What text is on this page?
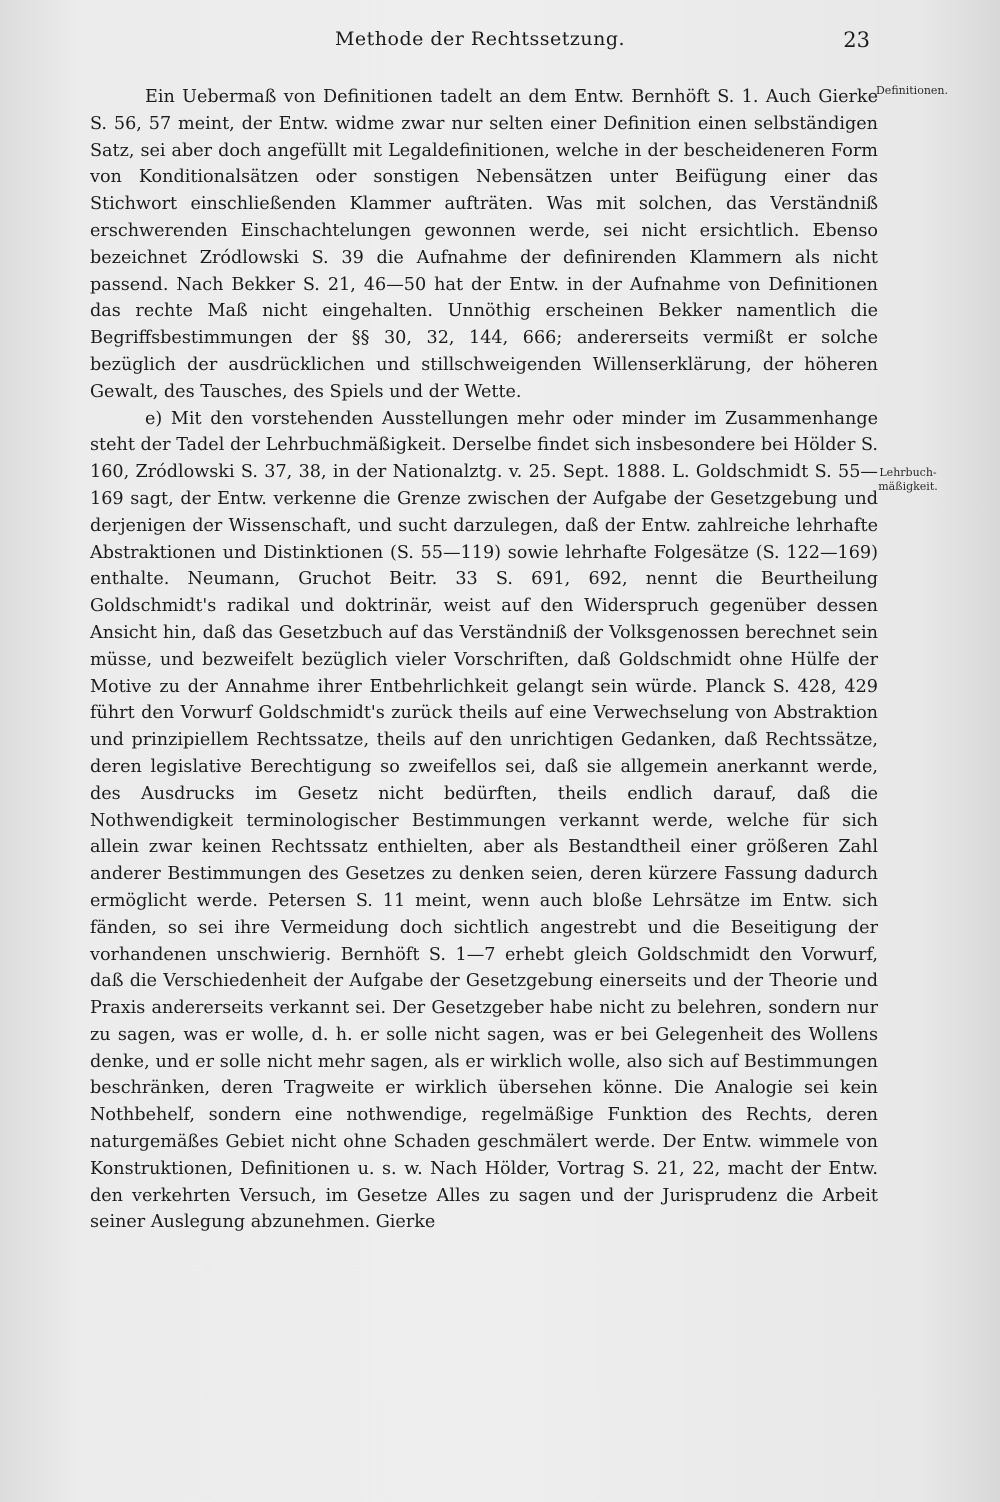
Methode der Rechtssetzung.	23
Definitionen.
Lehrbuch-mäßigkeit.

Ein Uebermaß von Definitionen tadelt an dem Entw. Bernhöft S. 1. Auch Gierke S. 56, 57 meint, der Entw. widme zwar nur selten einer Definition einen selbständigen Satz, sei aber doch angefüllt mit Legaldefinitionen, welche in der bescheideneren Form von Konditionalsätzen oder sonstigen Nebensätzen unter Beifügung einer das Stichwort einschließenden Klammer aufträten. Was mit solchen, das Verständniß erschwerenden Einschachtelungen gewonnen werde, sei nicht ersichtlich. Ebenso bezeichnet Zródlowski S. 39 die Aufnahme der definirenden Klammern als nicht passend. Nach Bekker S. 21, 46—50 hat der Entw. in der Aufnahme von Definitionen das rechte Maß nicht eingehalten. Unnöthig erscheinen Bekker namentlich die Begriffsbestimmungen der §§ 30, 32, 144, 666; andererseits vermißt er solche bezüglich der ausdrücklichen und stillschweigenden Willenserklärung, der höheren Gewalt, des Tausches, des Spiels und der Wette.

e) Mit den vorstehenden Ausstellungen mehr oder minder im Zusammenhange steht der Tadel der Lehrbuchmäßigkeit. Derselbe findet sich insbesondere bei Hölder S. 160, Zródlowski S. 37, 38, in der Nationalztg. v. 25. Sept. 1888. L. Goldschmidt S. 55—169 sagt, der Entw. verkenne die Grenze zwischen der Aufgabe der Gesetzgebung und derjenigen der Wissenschaft, und sucht darzulegen, daß der Entw. zahlreiche lehrhafte Abstraktionen und Distinktionen (S. 55—119) sowie lehrhafte Folgesätze (S. 122—169) enthalte. Neumann, Gruchot Beitr. 33 S. 691, 692, nennt die Beurtheilung Goldschmidt's radikal und doktrinär, weist auf den Widerspruch gegenüber dessen Ansicht hin, daß das Gesetzbuch auf das Verständniß der Volksgenossen berechnet sein müsse, und bezweifelt bezüglich vieler Vorschriften, daß Goldschmidt ohne Hülfe der Motive zu der Annahme ihrer Entbehrlichkeit gelangt sein würde. Planck S. 428, 429 führt den Vorwurf Goldschmidt's zurück theils auf eine Verwechselung von Abstraktion und prinzipiellem Rechtssatze, theils auf den unrichtigen Gedanken, daß Rechtssätze, deren legislative Berechtigung so zweifellos sei, daß sie allgemein anerkannt werde, des Ausdrucks im Gesetz nicht bedürften, theils endlich darauf, daß die Nothwendigkeit terminologischer Bestimmungen verkannt werde, welche für sich allein zwar keinen Rechtssatz enthielten, aber als Bestandtheil einer größeren Zahl anderer Bestimmungen des Gesetzes zu denken seien, deren kürzere Fassung dadurch ermöglicht werde. Petersen S. 11 meint, wenn auch bloße Lehrsätze im Entw. sich fänden, so sei ihre Vermeidung doch sichtlich angestrebt und die Beseitigung der vorhandenen unschwierig. Bernhöft S. 1—7 erhebt gleich Goldschmidt den Vorwurf, daß die Verschiedenheit der Aufgabe der Gesetzgebung einerseits und der Theorie und Praxis andererseits verkannt sei. Der Gesetzgeber habe nicht zu belehren, sondern nur zu sagen, was er wolle, d. h. er solle nicht sagen, was er bei Gelegenheit des Wollens denke, und er solle nicht mehr sagen, als er wirklich wolle, also sich auf Bestimmungen beschränken, deren Tragweite er wirklich übersehen könne. Die Analogie sei kein Nothbehelf, sondern eine nothwendige, regelmäßige Funktion des Rechts, deren naturgemäßes Gebiet nicht ohne Schaden geschmälert werde. Der Entw. wimmele von Konstruktionen, Definitionen u. s. w. Nach Hölder, Vortrag S. 21, 22, macht der Entw. den verkehrten Versuch, im Gesetze Alles zu sagen und der Jurisprudenz die Arbeit seiner Auslegung abzunehmen. Gierke
